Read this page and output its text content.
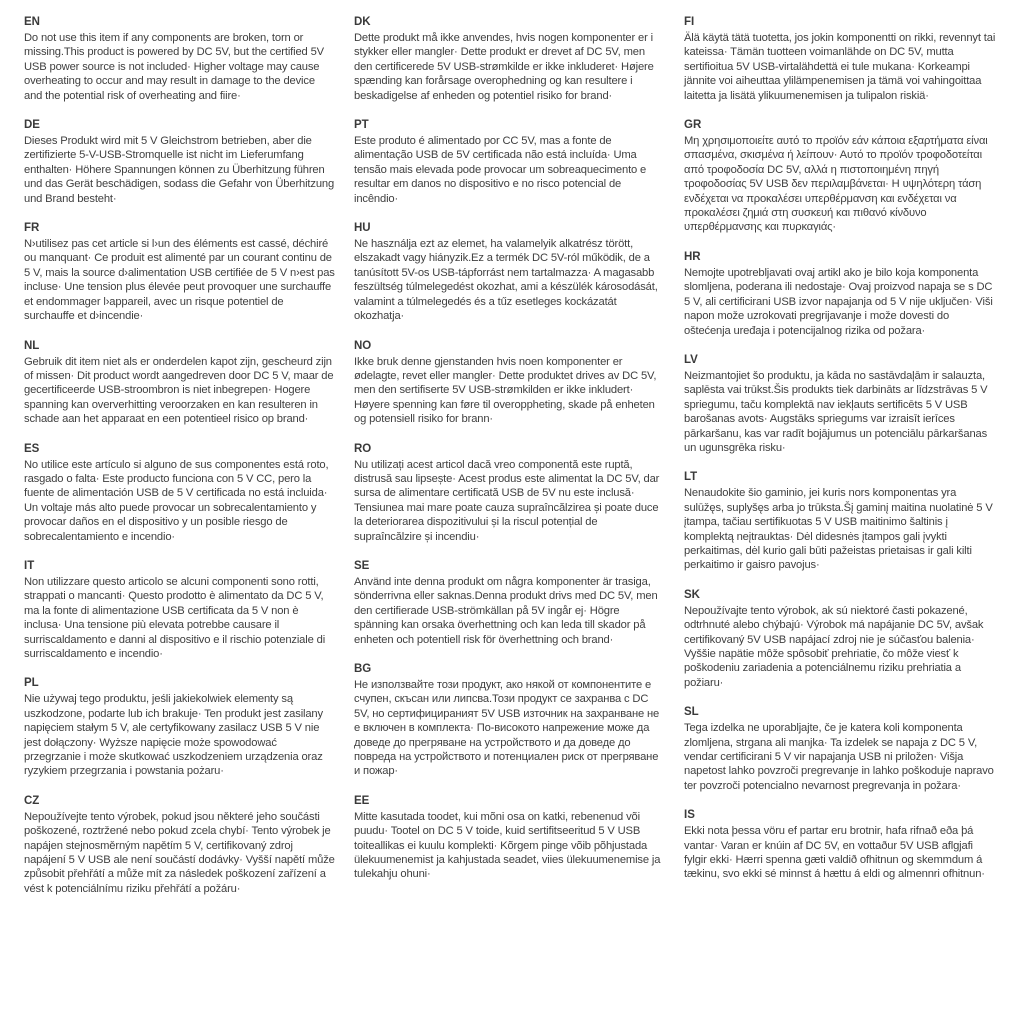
EN

Do not use this item if any components are broken, torn or missing.This product is powered by DC 5V, but the certified 5V USB power source is not included· Higher voltage may cause overheating to occur and may result in damage to the device and the potential risk of overheating and fiire·

DE

Dieses Produkt wird mit 5 V Gleichstrom betrieben, aber die zertifizierte 5-V-USB-Stromquelle ist nicht im Lieferumfang enthalten· Höhere Spannungen können zu Überhitzung führen und das Gerät beschädigen, sodass die Gefahr von Überhitzung und Brand besteht·

FR

N›utilisez pas cet article si l›un des éléments est cassé, déchiré ou manquant· Ce produit est alimenté par un courant continu de 5 V, mais la source d›alimentation USB certifiée de 5 V n›est pas incluse· Une tension plus élevée peut provoquer une surchauffe et endommager l›appareil, avec un risque potentiel de surchauffe et d›incendie·

NL

Gebruik dit item niet als er onderdelen kapot zijn, gescheurd zijn of missen· Dit product wordt aangedreven door DC 5 V, maar de gecertificeerde USB-stroombron is niet inbegrepen· Hogere spanning kan oververhitting veroorzaken en kan resulteren in schade aan het apparaat en een potentieel risico op brand·

ES

No utilice este artículo si alguno de sus componentes está roto, rasgado o falta· Este producto funciona con 5 V CC, pero la fuente de alimentación USB de 5 V certificada no está incluida· Un voltaje más alto puede provocar un sobrecalentamiento y provocar daños en el dispositivo y un posible riesgo de sobrecalentamiento e incendio·

IT

Non utilizzare questo articolo se alcuni componenti sono rotti, strappati o mancanti· Questo prodotto è alimentato da DC 5 V, ma la fonte di alimentazione USB certificata da 5 V non è inclusa· Una tensione più elevata potrebbe causare il surriscaldamento e danni al dispositivo e il rischio potenziale di surriscaldamento e incendio·

PL

Nie używaj tego produktu, jeśli jakiekolwiek elementy są uszkodzone, podarte lub ich brakuje· Ten produkt jest zasilany napięciem stałym 5 V, ale certyfikowany zasilacz USB 5 V nie jest dołączony· Wyższe napięcie może spowodować przegrzanie i może skutkować uszkodzeniem urządzenia oraz ryzykiem przegrzania i powstania pożaru·

CZ

Nepoužívejte tento výrobek, pokud jsou některé jeho součásti poškozené, roztržené nebo pokud zcela chybí· Tento výrobek je napájen stejnosměrným napětím 5 V, certifikovaný zdroj napájení 5 V USB ale není součástí dodávky· Vyšší napětí může způsobit přehřátí a může mít za následek poškození zařízení a vést k potenciálnímu riziku přehřátí a požáru·

DK

Dette produkt må ikke anvendes, hvis nogen komponenter er i stykker eller mangler· Dette produkt er drevet af DC 5V, men den certificerede 5V USB-strømkilde er ikke inkluderet· Højere spænding kan forårsage overophedning og kan resultere i beskadigelse af enheden og potentiel risiko for brand·

PT

Este produto é alimentado por CC 5V, mas a fonte de alimentação USB de 5V certificada não está incluída· Uma tensão mais elevada pode provocar um sobreaquecimento e resultar em danos no dispositivo e no risco potencial de incêndio·

HU

Ne használja ezt az elemet, ha valamelyik alkatrész törött, elszakadt vagy hiányzik.Ez a termék DC 5V-ról működik, de a tanúsított 5V-os USB-tápforrást nem tartalmazza· A magasabb feszültség túlmelegedést okozhat, ami a készülék károsodását, valamint a túlmelegedés és a tűz esetleges kockázatát okozhatja·

NO

Ikke bruk denne gjenstanden hvis noen komponenter er ødelagte, revet eller mangler· Dette produktet drives av DC 5V, men den sertifiserte 5V USB-strømkilden er ikke inkludert· Høyere spenning kan føre til overoppheting, skade på enheten og potensiell risiko for brann·

RO

Nu utilizați acest articol dacă vreo componentă este ruptă, distrusă sau lipsește· Acest produs este alimentat la DC 5V, dar sursa de alimentare certificată USB de 5V nu este inclusă· Tensiunea mai mare poate cauza supraîncălzirea și poate duce la deteriorarea dispozitivului și la riscul potențial de supraîncălzire și incendiu·

SE

Använd inte denna produkt om några komponenter är trasiga, sönderrivna eller saknas.Denna produkt drivs med DC 5V, men den certifierade USB-strömkällan på 5V ingår ej· Högre spänning kan orsaka överhettning och kan leda till skador på enheten och potentiell risk för överhettning och brand·

BG

Не използвайте този продукт, ако някой от компонентите е счупен, скъсан или липсва.Този продукт се захранва с DC 5V, но сертифицираният 5V USB източник на захранване не е включен в комплекта· По-високото напрежение може да доведе до прегряване на устройството и да доведе до повреда на устройството и потенциален риск от прегряване и пожар·

EE

Mitte kasutada toodet, kui mõni osa on katki, rebenenud või puudu· Tootel on DC 5 V toide, kuid sertifitseeritud 5 V USB toiteallikas ei kuulu komplekti· Kõrgem pinge võib põhjustada ülekuumenemist ja kahjustada seadet, viies ülekuumenemise ja tulekahju ohuni·

FI

Älä käytä tätä tuotetta, jos jokin komponentti on rikki, revennyt tai kateissa· Tämän tuotteen voimanlähde on DC 5V, mutta sertifioitua 5V USB-virtalähdettä ei tule mukana· Korkeampi jännite voi aiheuttaa ylilämpenemisen ja tämä voi vahingoittaa laitetta ja lisätä ylikuumenemisen ja tulipalon riskiä·

GR

Μη χρησιμοποιείτε αυτό το προϊόν εάν κάποια εξαρτήματα είναι σπασμένα, σκισμένα ή λείπουν· Αυτό το προϊόν τροφοδοτείται από τροφοδοσία DC 5V, αλλά η πιστοποιημένη πηγή τροφοδοσίας 5V USB δεν περιλαμβάνεται· Η υψηλότερη τάση ενδέχεται να προκαλέσει υπερθέρμανση και ενδέχεται να προκαλέσει ζημιά στη συσκευή και πιθανό κίνδυνο υπερθέρμανσης και πυρκαγιάς·

HR

Nemojte upotrebljavati ovaj artikl ako je bilo koja komponenta slomljena, poderana ili nedostaje· Ovaj proizvod napaja se s DC 5 V, ali certificirani USB izvor napajanja od 5 V nije uključen· Viši napon može uzrokovati pregrijavanje i može dovesti do oštećenja uređaja i potencijalnog rizika od požara·

LV

Neizmantojiet šo produktu, ja kāda no sastāvdaļām ir salauzta, saplēsta vai trūkst.Šis produkts tiek darbināts ar līdzstrāvas 5 V spriegumu, taču komplektā nav iekļauts sertificēts 5 V USB barošanas avots· Augstāks spriegums var izraisīt ierīces pārkaršanu, kas var radīt bojājumus un potenciālu pārkaršanas un ugunsgrēka risku·

LT

Nenaudokite šio gaminio, jei kuris nors komponentas yra sulūžęs, suplyšęs arba jo trūksta.Šį gaminį maitina nuolatinė 5 V įtampa, tačiau sertifikuotas 5 V USB maitinimo šaltinis į komplektą neįtrauktas· Dėl didesnės įtampos gali įvykti perkaitimas, dėl kurio gali būti pažeistas prietaisas ir gali kilti perkaitimo ir gaisro pavojus·

SK

Nepoužívajte tento výrobok, ak sú niektoré časti pokazené, odtrhnuté alebo chýbajú· Výrobok má napájanie DC 5V, avšak certifikovaný 5V USB napájací zdroj nie je súčasťou balenia· Vyššie napätie môže spôsobiť prehriatie, čo môže viesť k poškodeniu zariadenia a potenciálnemu riziku prehriatia a požiaru·

SL

Tega izdelka ne uporabljajte, če je katera koli komponenta zlomljena, strgana ali manjka· Ta izdelek se napaja z DC 5 V, vendar certificirani 5 V vir napajanja USB ni priložen· Višja napetost lahko povzroči pregrevanje in lahko poškoduje napravo ter povzroči potencialno nevarnost pregrevanja in požara·

IS

Ekki nota þessa vöru ef partar eru brotnir, hafa rifnað eða þá vantar· Varan er knúin af DC 5V, en vottaður 5V USB aflgjafi fylgir ekki· Hærri spenna gæti valdið ofhitnun og skemmdum á tækinu, svo ekki sé minnst á hættu á eldi og almennri ofhitnun·
